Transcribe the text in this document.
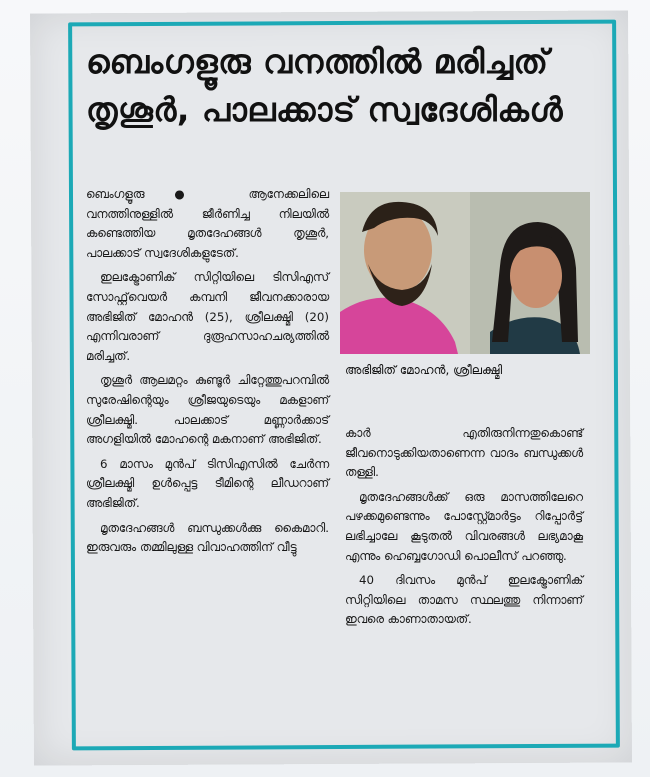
ബെംഗളൂരു വനത്തിൽ മരിച്ചത് തൃശൂർ, പാലക്കാട് സ്വദേശികൾ

ബെംഗളൂരു● ആനേക്കലിലെ വനത്തിനുള്ളിൽ ജീർണിച്ച നിലയിൽ കണ്ടെത്തിയ മൃതദേഹങ്ങൾ തൃശൂർ, പാലക്കാട് സ്വദേശികളുടേത്.

ഇലക്ട്രോണിക് സിറ്റിയിലെ ടിസിഎസ് സോഫ്റ്റ്‌വെയർ കമ്പനി ജീവനക്കാരായ അഭിജിത് മോഹൻ (25), ശ്രീലക്ഷ്മി (20) എന്നിവരാണ് ദുരൂഹസാഹചര്യത്തിൽ മരിച്ചത്.

തൃശൂർ ആലമറ്റം കുണ്ടൂർ ചിറ്റേത്തുപറമ്പിൽ സുരേഷിന്റെയും ശ്രീജയുടെയും മകളാണ് ശ്രീലക്ഷ്മി. പാലക്കാട് മണ്ണാർക്കാട് അഗളിയിൽ മോഹന്റെ മകനാണ് അഭിജിത്.

6 മാസം മുൻപ് ടിസിഎസിൽ ചേർന്ന ശ്രീലക്ഷ്മി ഉൾപ്പെട്ട ടീമിന്റെ ലീഡറാണ് അഭിജിത്.

മൃതദേഹങ്ങൾ ബന്ധുക്കൾക്കു കൈമാറി. ഇരുവരും തമ്മിലുള്ള വിവാഹത്തിന് വീട്ടു

അഭിജിത് മോഹൻ, ശ്രീലക്ഷ്മി

കാർ എതിരുനിന്നതുകൊണ്ട് ജീവനൊടുക്കിയതാണെന്ന വാദം ബന്ധുക്കൾ തള്ളി.

മൃതദേഹങ്ങൾക്ക് ഒരു മാസത്തിലേറെ പഴക്കമുണ്ടെന്നും പോസ്റ്റ്മോർട്ടം റിപ്പോർട്ട് ലഭിച്ചാലേ കൂടുതൽ വിവരങ്ങൾ ലഭ്യമാകൂ എന്നും ഹെബ്ബഗോഡി പൊലീസ് പറഞ്ഞു.

40 ദിവസം മുൻപ് ഇലക്ട്രോണിക് സിറ്റിയിലെ താമസ സ്ഥലത്തു നിന്നാണ് ഇവരെ കാണാതായത്.
